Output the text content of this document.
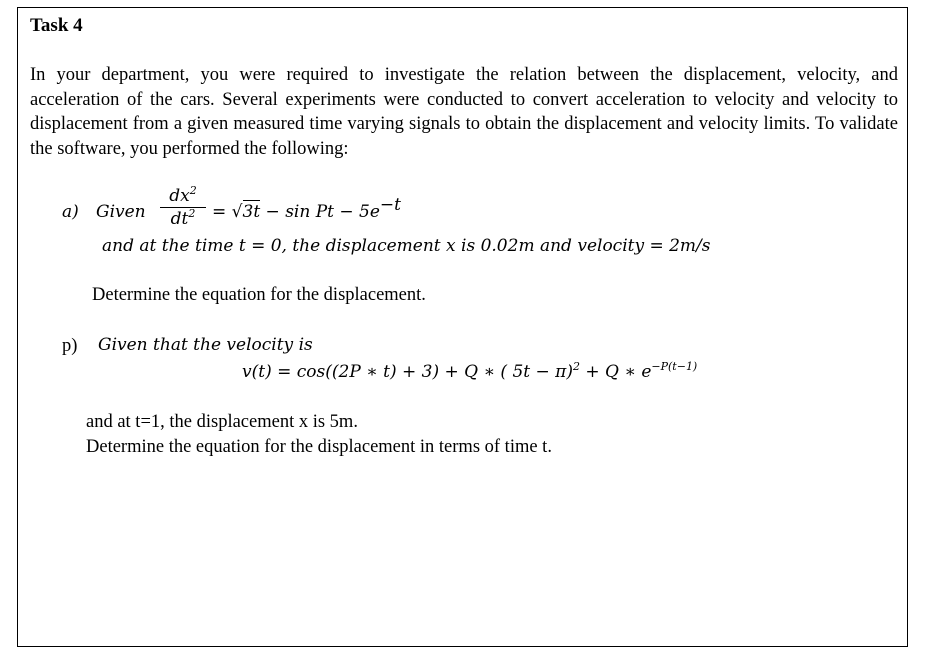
Task 4
In your department, you were required to investigate the relation between the displacement, velocity, and acceleration of the cars. Several experiments were conducted to convert acceleration to velocity and velocity to displacement from a given measured time varying signals to obtain the displacement and velocity limits. To validate the software, you performed the following:
a) Given $\frac{dx^2}{dt^2} = √3t - \sin Pt - 5e^{-t}$
and at the time t = 0, the displacement x is 0.02m and velocity = 2m/s
Determine the equation for the displacement.
p) Given that the velocity is
v(t) = cos((2P ∗ t) + 3) + Q ∗ ( 5t − π)$^2$ + Q ∗ $e^{-P(t-1)}$
and at t=1, the displacement x is 5m.
Determine the equation for the displacement in terms of time t.
